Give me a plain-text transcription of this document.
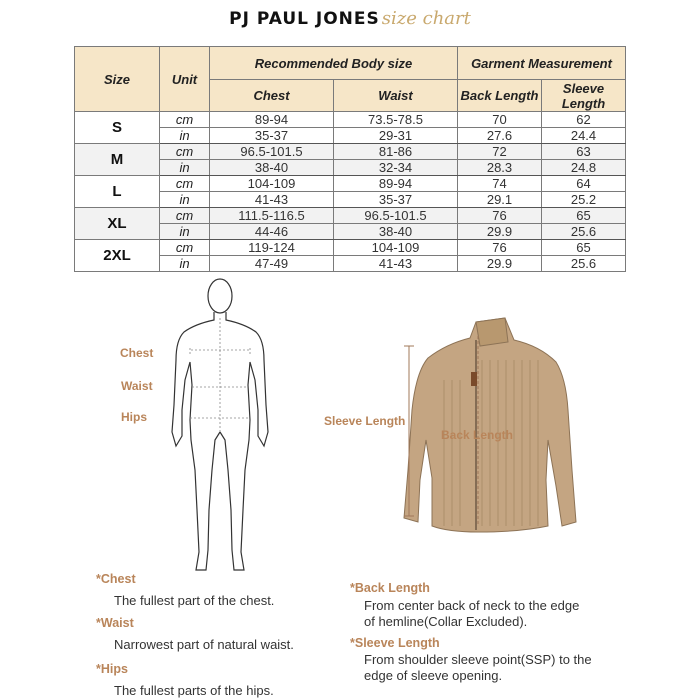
PJ PAUL JONES size chart
Size	Unit	Recommended Body size		Garment Measurement	
		Chest	Waist	Back Length	Sleeve Length
S	cm	89-94	73.5-78.5	70	62
	in	35-37	29-31	27.6	24.4
M	cm	96.5-101.5	81-86	72	63
	in	38-40	32-34	28.3	24.8
L	cm	104-109	89-94	74	64
	in	41-43	35-37	29.1	25.2
XL	cm	111.5-116.5	96.5-101.5	76	65
	in	44-46	38-40	29.9	25.6
2XL	cm	119-124	104-109	76	65
	in	47-49	41-43	29.9	25.6
Chest
Waist
Hips	Sleeve Length
Back Length
*Chest
The fullest part of the chest.
*Waist
Narrowest part of natural waist.
*Hips
The fullest parts of the hips.
*Back Length
From center back of neck to the edge
of hemline(Collar Excluded).
*Sleeve Length
From shoulder sleeve point(SSP) to the
edge of sleeve opening.
